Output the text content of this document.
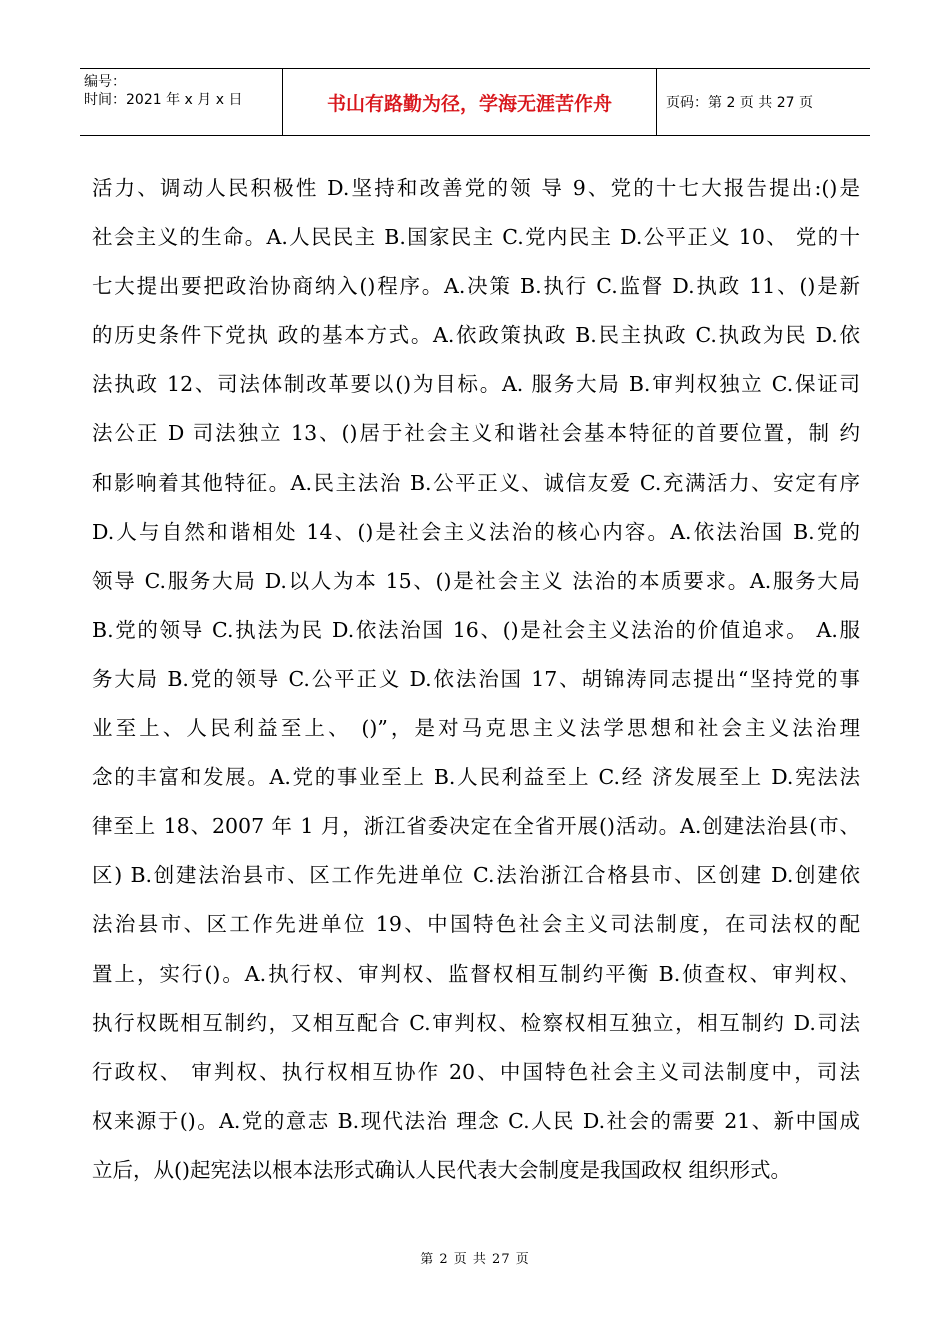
编号：
时间：2021 年 x 月 x 日	书山有路勤为径，学海无涯苦作舟	页码：第 2 页 共 27 页
活力、调动人民积极性 D.坚持和改善党的领 导 9、党的十七大报告提出:()是
社会主义的生命。A.人民民主 B.国家民主 C.党内民主 D.公平正义 10、 党的十
七大提出要把政治协商纳入()程序。A.决策 B.执行 C.监督 D.执政 11、()是新
的历史条件下党执 政的基本方式。A.依政策执政 B.民主执政 C.执政为民 D.依
法执政 12、司法体制改革要以()为目标。A. 服务大局 B.审判权独立 C.保证司
法公正 D 司法独立 13、()居于社会主义和谐社会基本特征的首要位置，制 约
和影响着其他特征。A.民主法治 B.公平正义、诚信友爱 C.充满活力、安定有序
D.人与自然和谐相处 14、()是社会主义法治的核心内容。A.依法治国 B.党的
领导 C.服务大局 D.以人为本 15、()是社会主义 法治的本质要求。A.服务大局
B.党的领导 C.执法为民 D.依法治国 16、()是社会主义法治的价值追求。 A.服
务大局 B.党的领导 C.公平正义 D.依法治国 17、胡锦涛同志提出“坚持党的事
业至上、人民利益至上、 ()”，是对马克思主义法学思想和社会主义法治理
念的丰富和发展。A.党的事业至上 B.人民利益至上 C.经 济发展至上 D.宪法法
律至上 18、2007 年 1 月，浙江省委决定在全省开展()活动。A.创建法治县(市、
区) B.创建法治县市、区工作先进单位 C.法治浙江合格县市、区创建 D.创建依
法治县市、区工作先进单位 19、中国特色社会主义司法制度，在司法权的配
置上，实行()。A.执行权、审判权、监督权相互制约平衡 B.侦查权、审判权、
执行权既相互制约，又相互配合 C.审判权、检察权相互独立，相互制约 D.司法
行政权、 审判权、执行权相互协作 20、中国特色社会主义司法制度中，司法
权来源于()。A.党的意志 B.现代法治 理念 C.人民 D.社会的需要 21、新中国成
立后，从()起宪法以根本法形式确认人民代表大会制度是我国政权 组织形式。
第 2 页 共 27 页
